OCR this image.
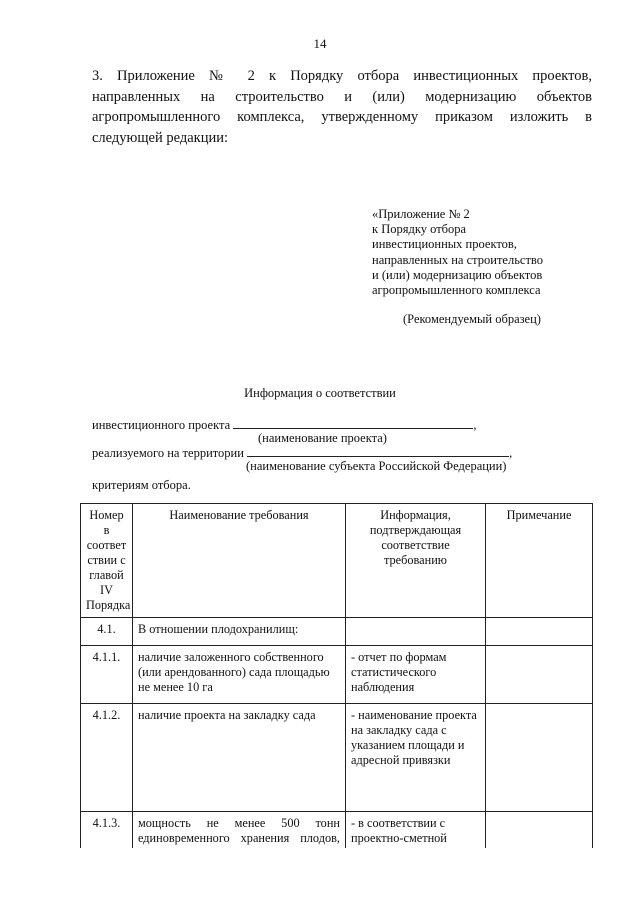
14
3. Приложение № 2 к Порядку отбора инвестиционных проектов,
направленных на строительство и (или) модернизацию объектов
агропромышленного комплекса, утвержденному приказом изложить в
следующей редакции:
«Приложение № 2
к Порядку отбора
инвестиционных проектов,
направленных на строительство
и (или) модернизацию объектов
агропромышленного комплекса
(Рекомендуемый образец)
Информация о соответствии
инвестиционного проекта	,
(наименование проекта)
реализуемого на территории	,
(наименование субъекта Российской Федерации)
критериям отбора.
Номер в соответ ствии с главой IV Порядка	Наименование требования	Информация, подтверждающая соответствие требованию	Примечание
4.1.	В отношении плодохранилищ:		
4.1.1.	наличие заложенного собственного (или арендованного) сада площадью не менее 10 га	- отчет по формам статистического наблюдения	
4.1.2.	наличие проекта на закладку сада	- наименование проекта на закладку сада с указанием площади и адресной привязки	
4.1.3.	мощность не менее 500 тонн единовременного хранения плодов,	- в соответствии с проектно-сметной	
